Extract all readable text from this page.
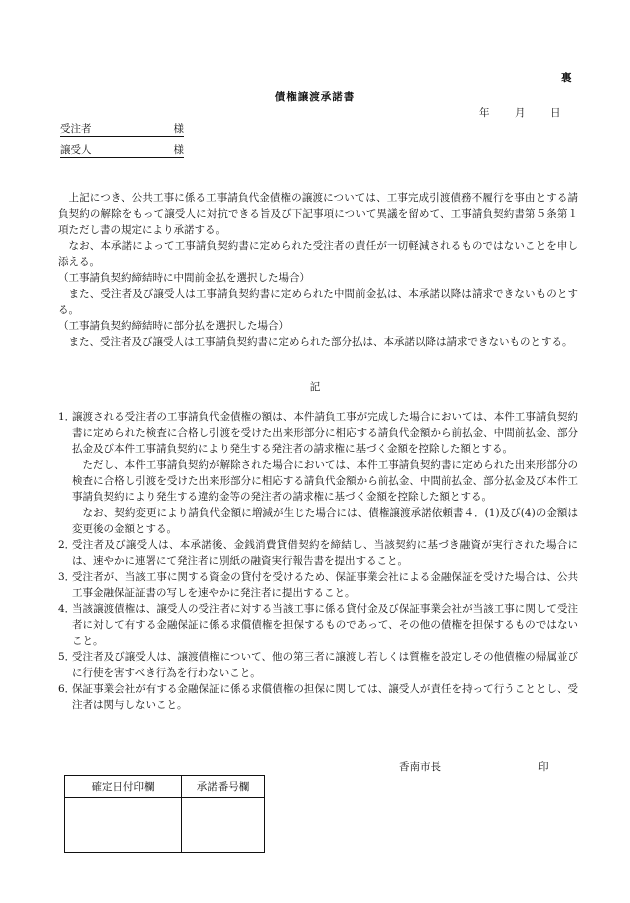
裏
債権譲渡承諾書
年 月 日
受注者	様
譲受人	様

上記につき、公共工事に係る工事請負代金債権の譲渡については、工事完成引渡債務不履行を事由とする請負契約の解除をもって譲受人に対抗できる旨及び下記事項について異議を留めて、工事請負契約書第５条第１項ただし書の規定により承諾する。

なお、本承諾によって工事請負契約書に定められた受注者の責任が一切軽減されるものではないことを申し添える。

（工事請負契約締結時に中間前金払を選択した場合）

また、受注者及び譲受人は工事請負契約書に定められた中間前金払は、本承諾以降は請求できないものとする。

（工事請負契約締結時に部分払を選択した場合）

また、受注者及び譲受人は工事請負契約書に定められた部分払は、本承諾以降は請求できないものとする。

記
1．

譲渡される受注者の工事請負代金債権の額は、本件請負工事が完成した場合においては、本件工事請負契約書に定められた検査に合格し引渡を受けた出来形部分に相応する請負代金額から前払金、中間前払金、部分払金及び本件工事請負契約により発生する発注者の請求権に基づく金額を控除した額とする。

ただし、本件工事請負契約が解除された場合においては、本件工事請負契約書に定められた出来形部分の検査に合格し引渡を受けた出来形部分に相応する請負代金額から前払金、中間前払金、部分払金及び本件工事請負契約により発生する違約金等の発注者の請求権に基づく金額を控除した額とする。

なお、契約変更により請負代金額に増減が生じた場合には、債権譲渡承諾依頼書４．(1)及び(4)の金額は変更後の金額とする。

2．

受注者及び譲受人は、本承諾後、金銭消費貸借契約を締結し、当該契約に基づき融資が実行された場合には、速やかに連署にて発注者に別紙の融資実行報告書を提出すること。

3．

受注者が、当該工事に関する資金の貸付を受けるため、保証事業会社による金融保証を受けた場合は、公共工事金融保証証書の写しを速やかに発注者に提出すること。

4．

当該譲渡債権は、譲受人の受注者に対する当該工事に係る貸付金及び保証事業会社が当該工事に関して受注者に対して有する金融保証に係る求償債権を担保するものであって、その他の債権を担保するものではないこと。

5．

受注者及び譲受人は、譲渡債権について、他の第三者に譲渡し若しくは質権を設定しその他債権の帰属並びに行使を害すべき行為を行わないこと。

6．

保証事業会社が有する金融保証に係る求償債権の担保に関しては、譲受人が責任を持って行うこととし、受注者は関与しないこと。

香南市長	印
確定日付印欄	承諾番号欄
